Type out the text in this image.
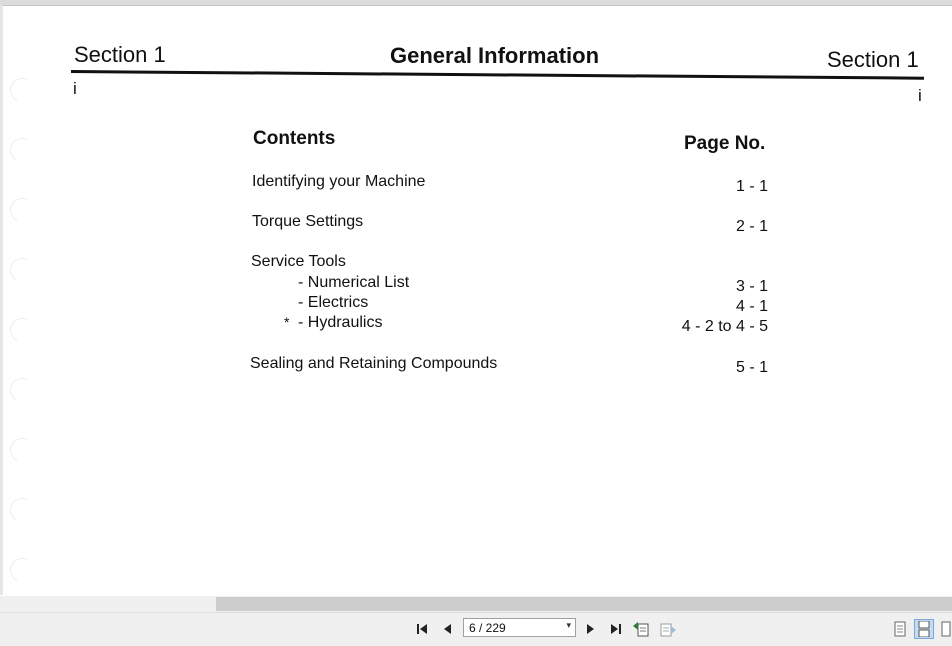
Section 1	General Information	Section 1
i	i
Contents	Page No.
Identifying your Machine	1 - 1
Torque Settings	2 - 1
Service Tools
- Numerical List	3 - 1
- Electrics	4 - 1
* - Hydraulics	4 - 2 to 4 - 5
Sealing and Retaining Compounds	5 - 1
6 / 229	▾
